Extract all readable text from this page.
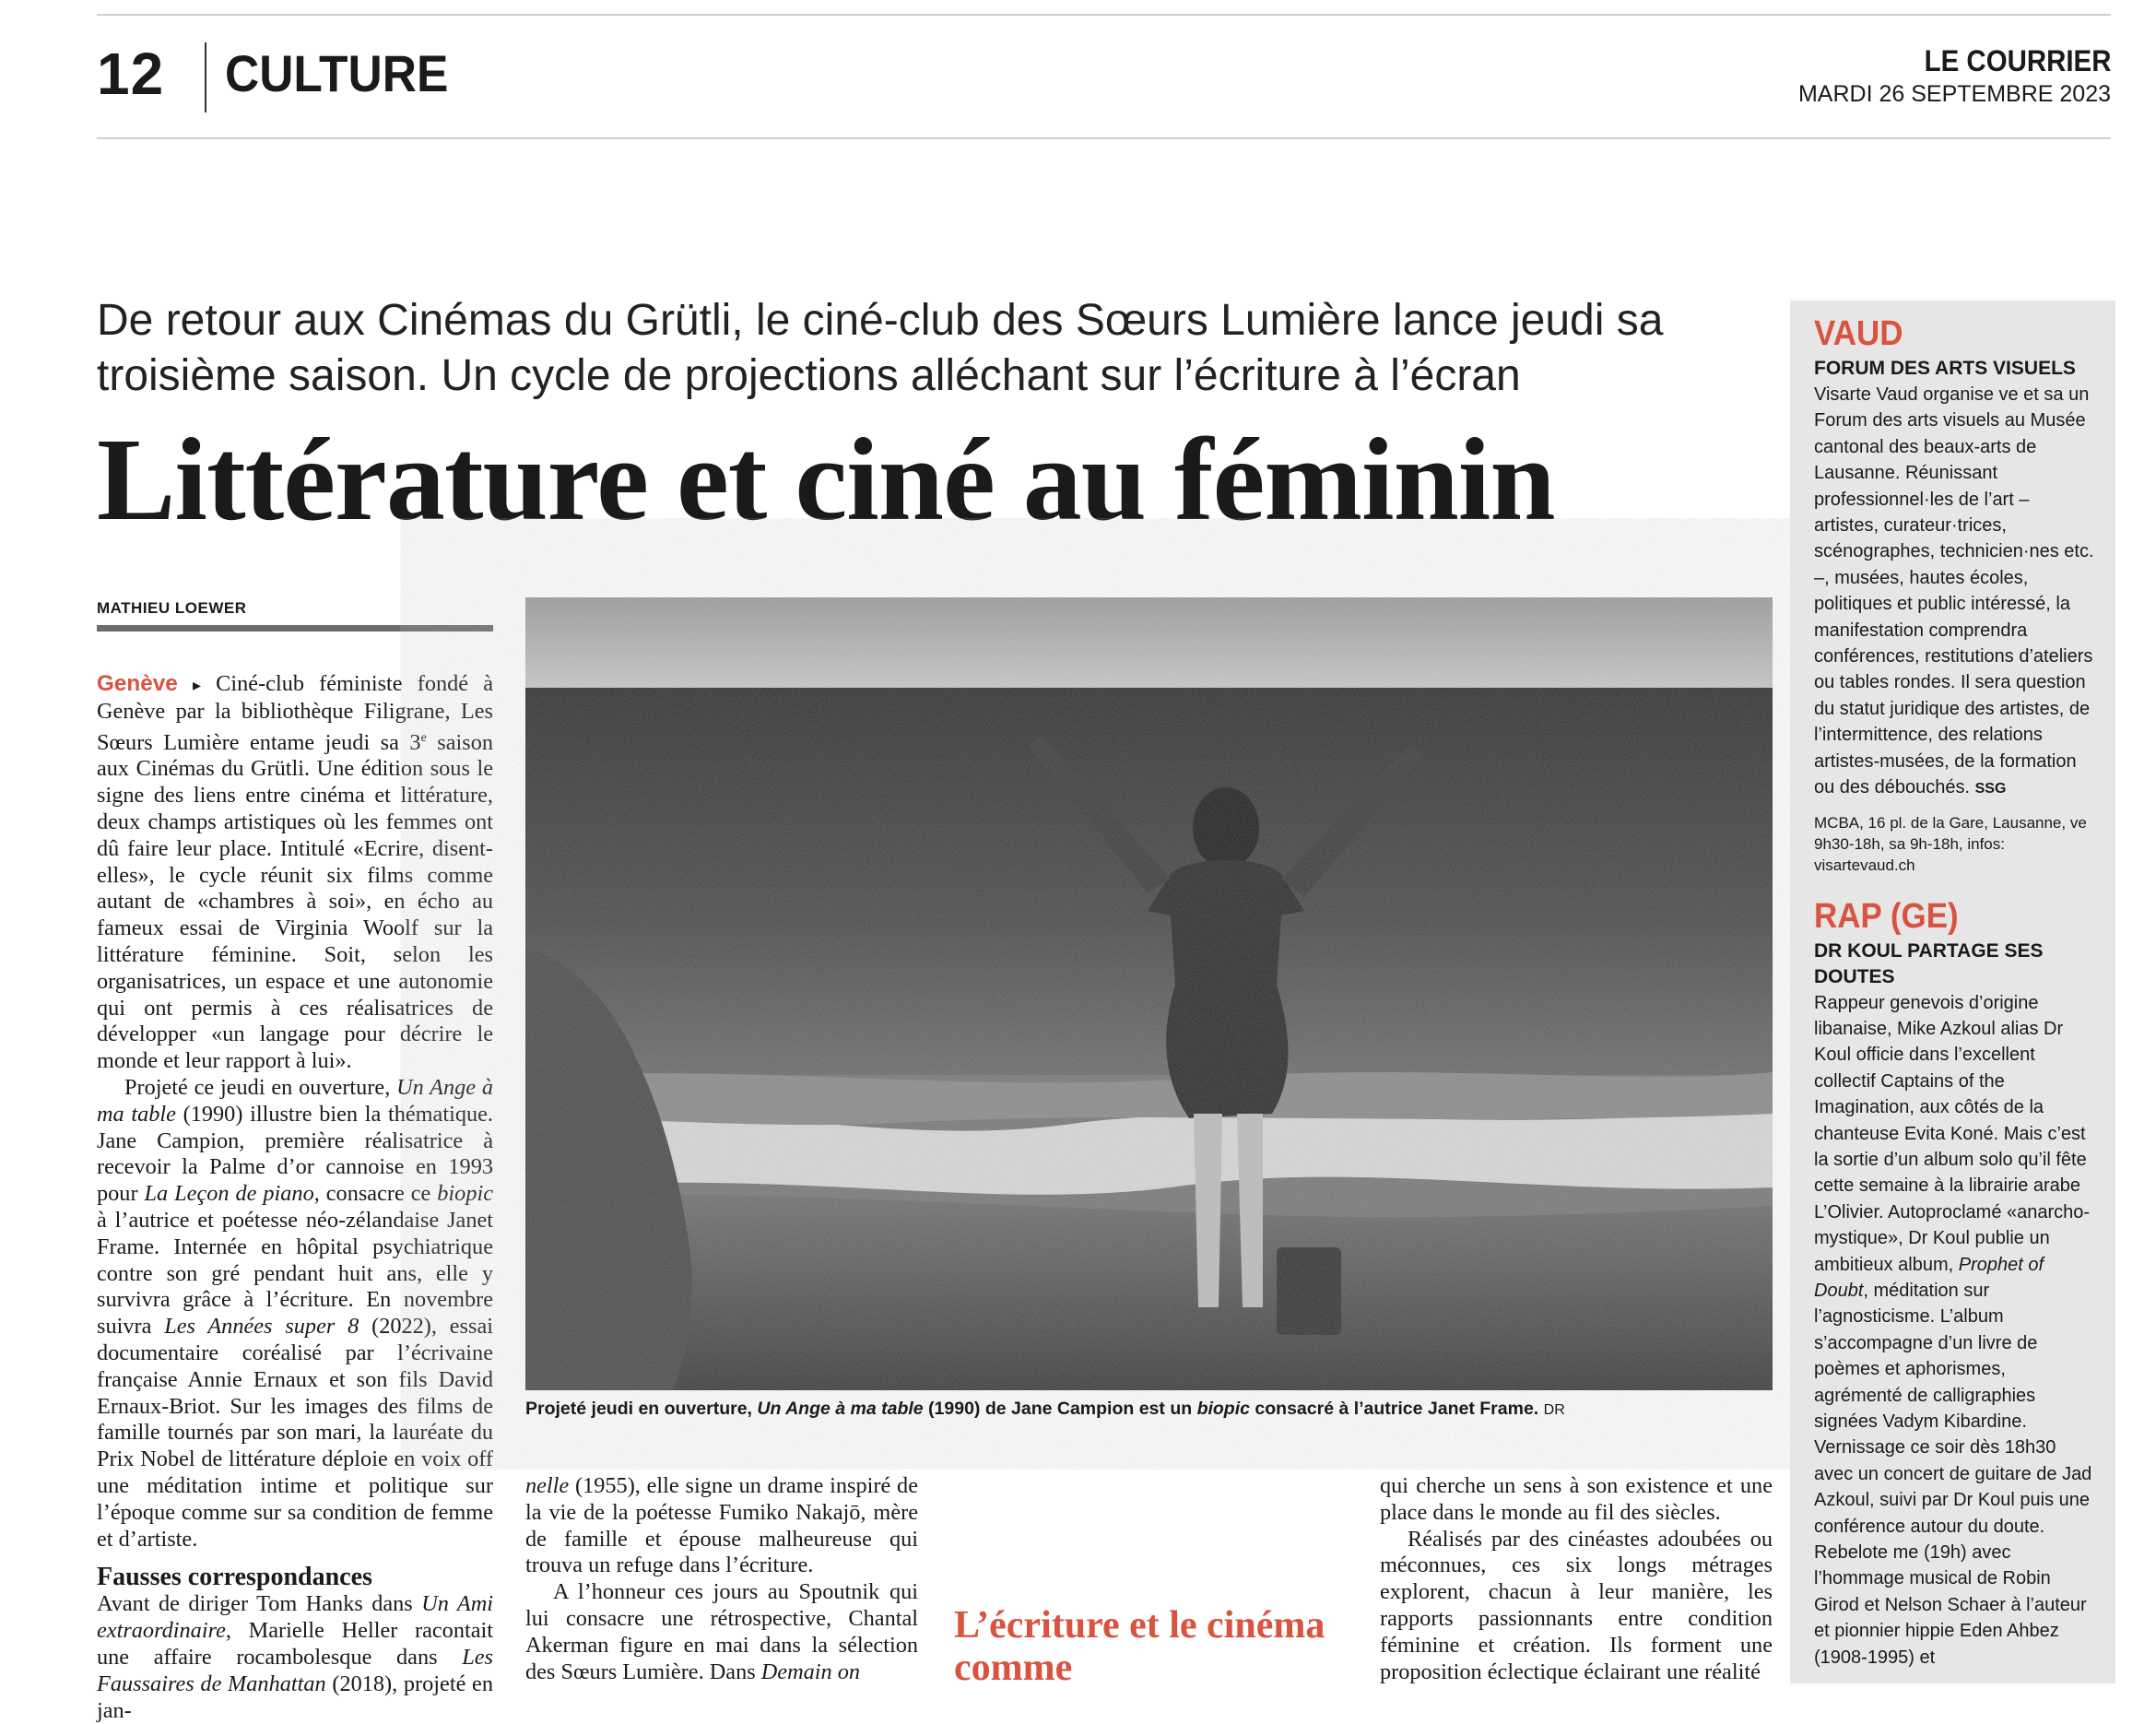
12 CULTURE	LE COURRIER
MARDI 26 SEPTEMBRE 2023
De retour aux Cinémas du Grütli, le ciné-club des Sœurs Lumière lance jeudi sa troisième saison. Un cycle de projections alléchant sur l’écriture à l’écran
Littérature et ciné au féminin
MATHIEU LOEWER

Genève ▸ Ciné-club féministe fondé à Genève par la bibliothèque Filigrane, Les Sœurs Lumière entame jeudi sa 3e saison aux Cinémas du Grütli. Une édition sous le signe des liens entre cinéma et littérature, deux champs artistiques où les femmes ont dû faire leur place. Intitulé «Ecrire, disent-elles», le cycle réunit six films comme autant de «chambres à soi», en écho au fameux essai de Virginia Woolf sur la littérature féminine. Soit, selon les organisatrices, un espace et une autonomie qui ont permis à ces réalisatrices de développer «un langage pour décrire le monde et leur rapport à lui».

Projeté ce jeudi en ouverture, Un Ange à ma table (1990) illustre bien la thématique. Jane Campion, première réalisatrice à recevoir la Palme d’or cannoise en 1993 pour La Leçon de piano, consacre ce biopic à l’autrice et poétesse néo-zélandaise Janet Frame. Internée en hôpital psychiatrique contre son gré pendant huit ans, elle y survivra grâce à l’écriture. En novembre suivra Les Années super 8 (2022), essai documentaire coréalisé par l’écrivaine française Annie Ernaux et son fils David Ernaux-Briot. Sur les images des films de famille tournés par son mari, la lauréate du Prix Nobel de littérature déploie en voix off une méditation intime et politique sur l’époque comme sur sa condition de femme et d’artiste.

Fausses correspondances

Avant de diriger Tom Hanks dans Un Ami extraordinaire, Marielle Heller racontait une affaire rocambolesque dans Les Faussaires de Manhattan (2018), projeté en jan-

Projeté jeudi en ouverture, Un Ange à ma table (1990) de Jane Campion est un biopic consacré à l’autrice Janet Frame. DR

nelle (1955), elle signe un drame inspiré de la vie de la poétesse Fumiko Nakajō, mère de famille et épouse malheureuse qui trouva un refuge dans l’écriture.

A l’honneur ces jours au Spoutnik qui lui consacre une rétrospective, Chantal Akerman figure en mai dans la sélection des Sœurs Lumière. Dans Demain on

L’écriture et le cinéma comme

qui cherche un sens à son existence et une place dans le monde au fil des siècles.

Réalisés par des cinéastes adoubées ou méconnues, ces six longs métrages explorent, chacun à leur manière, les rapports passionnants entre condition féminine et création. Ils forment une proposition éclectique éclairant une réalité

VAUD
FORUM DES ARTS VISUELS
Visarte Vaud organise ve et sa un Forum des arts visuels au Musée cantonal des beaux-arts de Lausanne. Réunissant professionnel·les de l’art – artistes, curateur·trices, scénographes, technicien·nes etc. –, musées, hautes écoles, politiques et public intéressé, la manifestation comprendra conférences, restitutions d’ateliers ou tables rondes. Il sera question du statut juridique des artistes, de l’intermittence, des relations artistes-musées, de la formation ou des débouchés. SSG
MCBA, 16 pl. de la Gare, Lausanne, ve 9h30-18h, sa 9h-18h, infos: visartevaud.ch
RAP (GE)
DR KOUL PARTAGE SES DOUTES
Rappeur genevois d’origine libanaise, Mike Azkoul alias Dr Koul officie dans l’excellent collectif Captains of the Imagination, aux côtés de la chanteuse Evita Koné. Mais c’est la sortie d’un album solo qu’il fête cette semaine à la librairie arabe L’Olivier. Autoproclamé «anarcho-mystique», Dr Koul publie un ambitieux album, Prophet of Doubt, méditation sur l’agnosticisme. L’album s’accompagne d’un livre de poèmes et aphorismes, agrémenté de calligraphies signées Vadym Kibardine. Vernissage ce soir dès 18h30 avec un concert de guitare de Jad Azkoul, suivi par Dr Koul puis une conférence autour du doute. Rebelote me (19h) avec l’hommage musical de Robin Girod et Nelson Schaer à l’auteur et pionnier hippie Eden Ahbez (1908-1995) et
